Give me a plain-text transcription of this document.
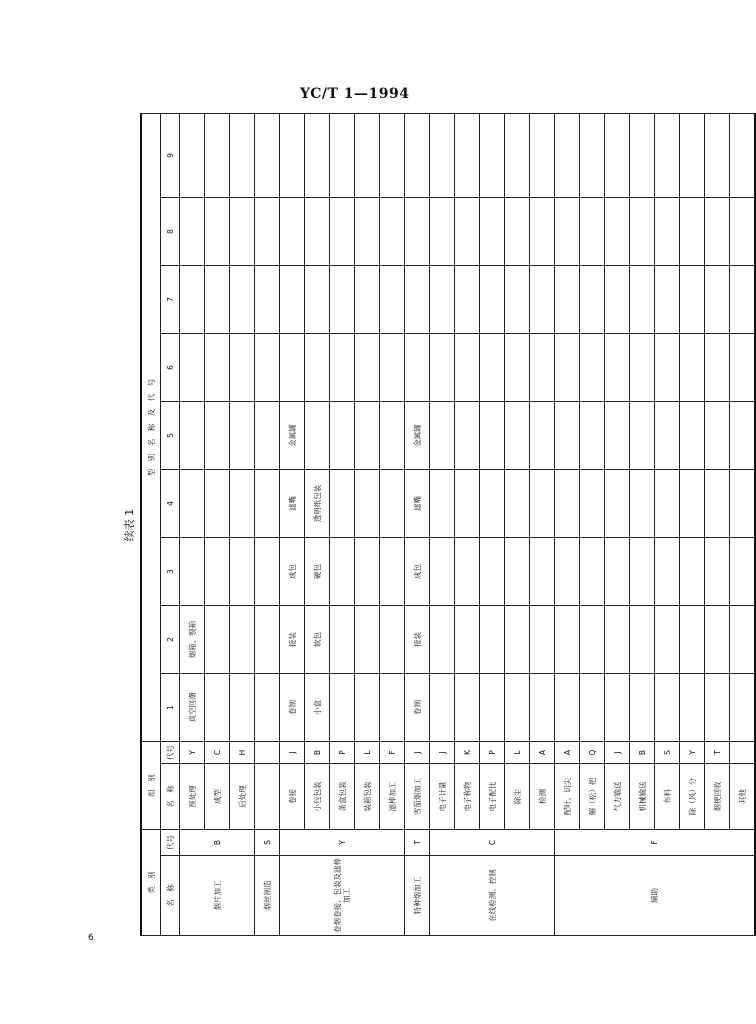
YC/T 1—1994
续表 1
类　别		组　别		型　别　名　称　及　代　号								
名　称	代号	名　称	代号	1	2	3	4	5	6	7	8	9
烟片加工	B	预处理	Y	真空回潮	烟箱、裂箱							
		成型	C									
		后处理	H									
烟丝制造	S											
卷烟卷接、包装及滤棒加工	Y	卷接	J	卷制	接装	成包	滤嘴	金属罐				
		小包包装	B	小盒	软包	硬包	透明纸包装					
		条盒包装	P									
		装箱包装	L									
		滤棒加工	F									
特种烟加工	T	雪茄烟加工	J	卷制	接装	成包	滤嘴	金属罐				
在线检测、控制	C	电子计量	J									
		电子称物	K									
		电子配比	P									
		除尘	L									
		检测	A									
辅助	F	配叶、切尖	A									
		解（松）把	Q									
		气力输送	J									
		机械输送	B									
		布料	S									
		除（风）分	Y									
		烟梗回收	T									
		其他										
6
